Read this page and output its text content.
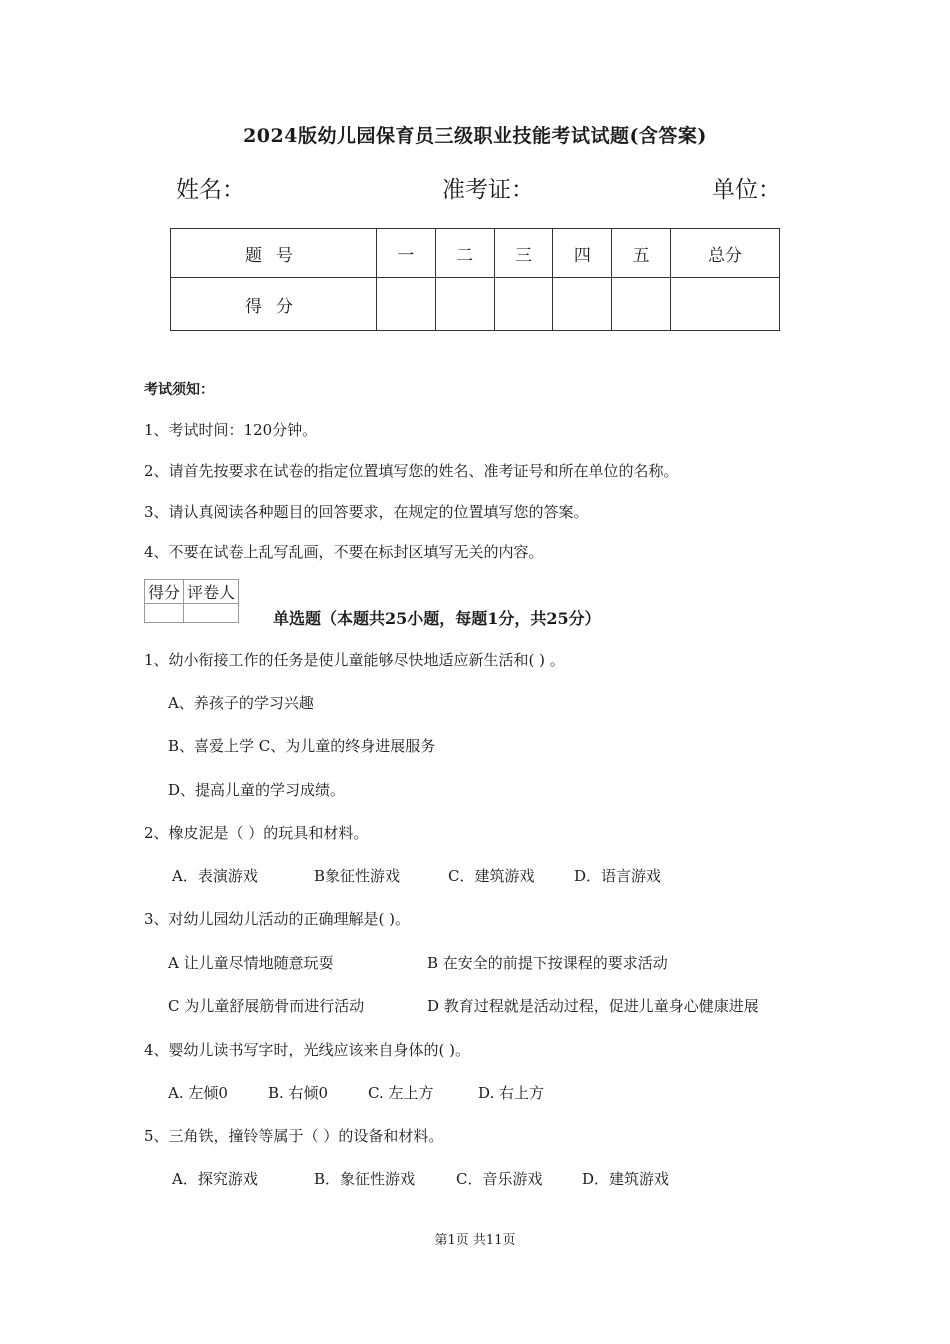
2024版幼儿园保育员三级职业技能考试试题(含答案)
姓名：	准考证：	单位：
题号	一	二	三	四	五	总分
得分						
考试须知：
1、考试时间：120分钟。
2、请首先按要求在试卷的指定位置填写您的姓名、准考证号和所在单位的名称。
3、请认真阅读各种题目的回答要求，在规定的位置填写您的答案。
4、不要在试卷上乱写乱画，不要在标封区填写无关的内容。
得分	评卷人

单选题（本题共25小题，每题1分，共25分）
1、幼小衔接工作的任务是使儿童能够尽快地适应新生活和( ) 。
A、养孩子的学习兴趣
B、喜爱上学 C、为儿童的终身进展服务
D、提高儿童的学习成绩。
2、橡皮泥是（ ）的玩具和材料。
A．表演游戏	B象征性游戏	C．建筑游戏	D．语言游戏
3、对幼儿园幼儿活动的正确理解是( )。
A 让儿童尽情地随意玩耍	B 在安全的前提下按课程的要求活动
C 为儿童舒展筋骨而进行活动	D 教育过程就是活动过程，促进儿童身心健康进展
4、婴幼儿读书写字时，光线应该来自身体的( )。
A. 左倾0	B. 右倾0	C. 左上方	D. 右上方
5、三角铁，撞铃等属于（ ）的设备和材料。
A．探究游戏	B．象征性游戏	C．音乐游戏	D．建筑游戏
第1页 共11页
